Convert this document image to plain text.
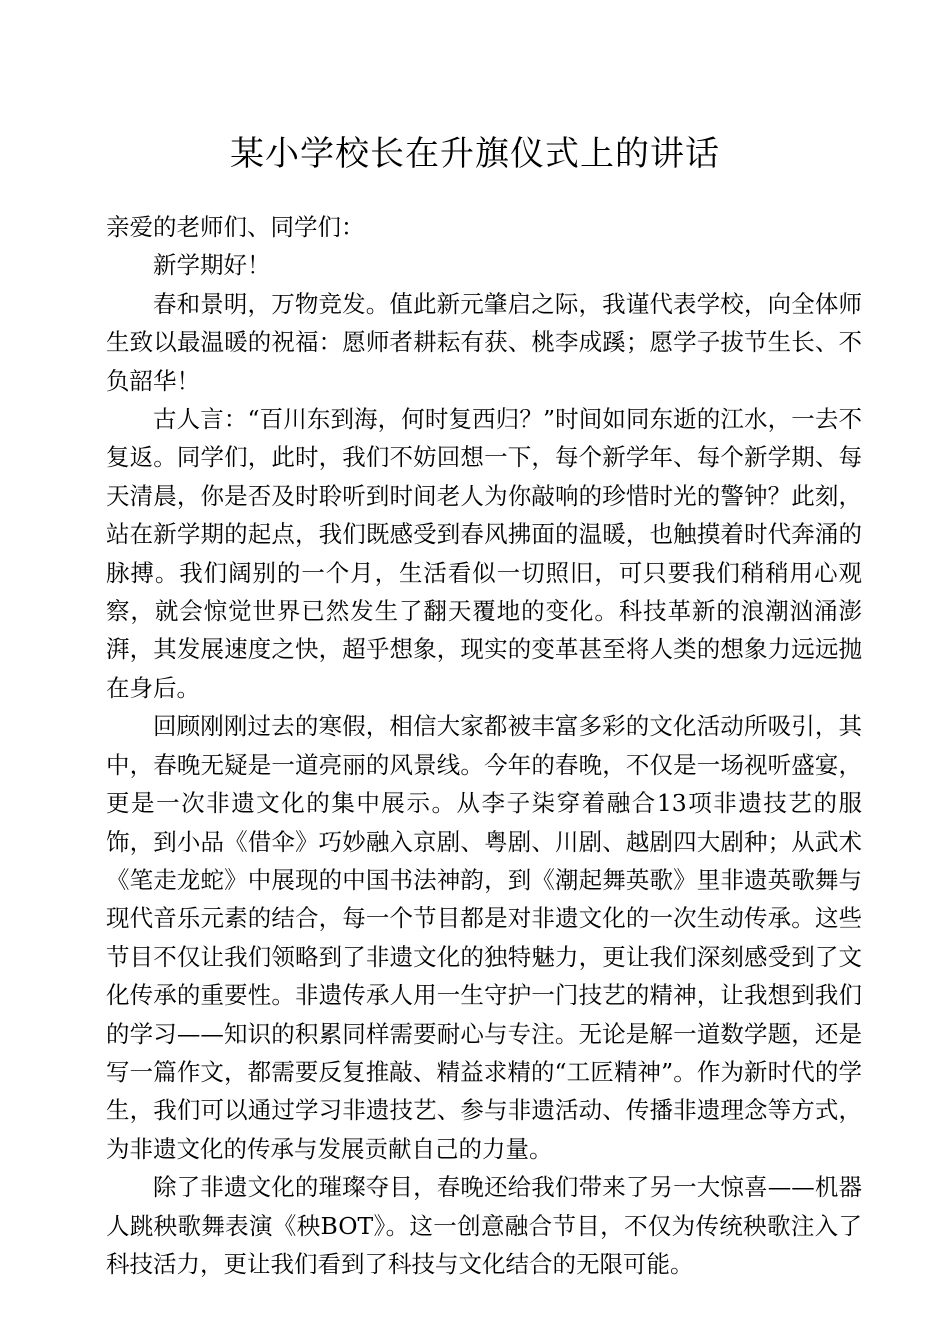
某小学校长在升旗仪式上的讲话

亲爱的老师们、同学们：

新学期好！

春和景明，万物竞发。值此新元肇启之际，我谨代表学校，向全体师生致以最温暖的祝福：愿师者耕耘有获、桃李成蹊；愿学子拔节生长、不负韶华！

古人言：“百川东到海，何时复西归？”时间如同东逝的江水，一去不复返。同学们，此时，我们不妨回想一下，每个新学年、每个新学期、每天清晨，你是否及时聆听到时间老人为你敲响的珍惜时光的警钟？此刻，站在新学期的起点，我们既感受到春风拂面的温暖，也触摸着时代奔涌的脉搏。我们阔别的一个月，生活看似一切照旧，可只要我们稍稍用心观察，就会惊觉世界已然发生了翻天覆地的变化。科技革新的浪潮汹涌澎湃，其发展速度之快，超乎想象，现实的变革甚至将人类的想象力远远抛在身后。

回顾刚刚过去的寒假，相信大家都被丰富多彩的文化活动所吸引，其中，春晚无疑是一道亮丽的风景线。今年的春晚，不仅是一场视听盛宴，更是一次非遗文化的集中展示。从李子柒穿着融合13项非遗技艺的服饰，到小品《借伞》巧妙融入京剧、粤剧、川剧、越剧四大剧种；从武术《笔走龙蛇》中展现的中国书法神韵，到《潮起舞英歌》里非遗英歌舞与现代音乐元素的结合，每一个节目都是对非遗文化的一次生动传承。这些节目不仅让我们领略到了非遗文化的独特魅力，更让我们深刻感受到了文化传承的重要性。非遗传承人用一生守护一门技艺的精神，让我想到我们的学习——知识的积累同样需要耐心与专注。无论是解一道数学题，还是写一篇作文，都需要反复推敲、精益求精的“工匠精神”。作为新时代的学生，我们可以通过学习非遗技艺、参与非遗活动、传播非遗理念等方式，为非遗文化的传承与发展贡献自己的力量。

除了非遗文化的璀璨夺目，春晚还给我们带来了另一大惊喜——机器人跳秧歌舞表演《秧BOT》。这一创意融合节目，不仅为传统秧歌注入了科技活力，更让我们看到了科技与文化结合的无限可能。
